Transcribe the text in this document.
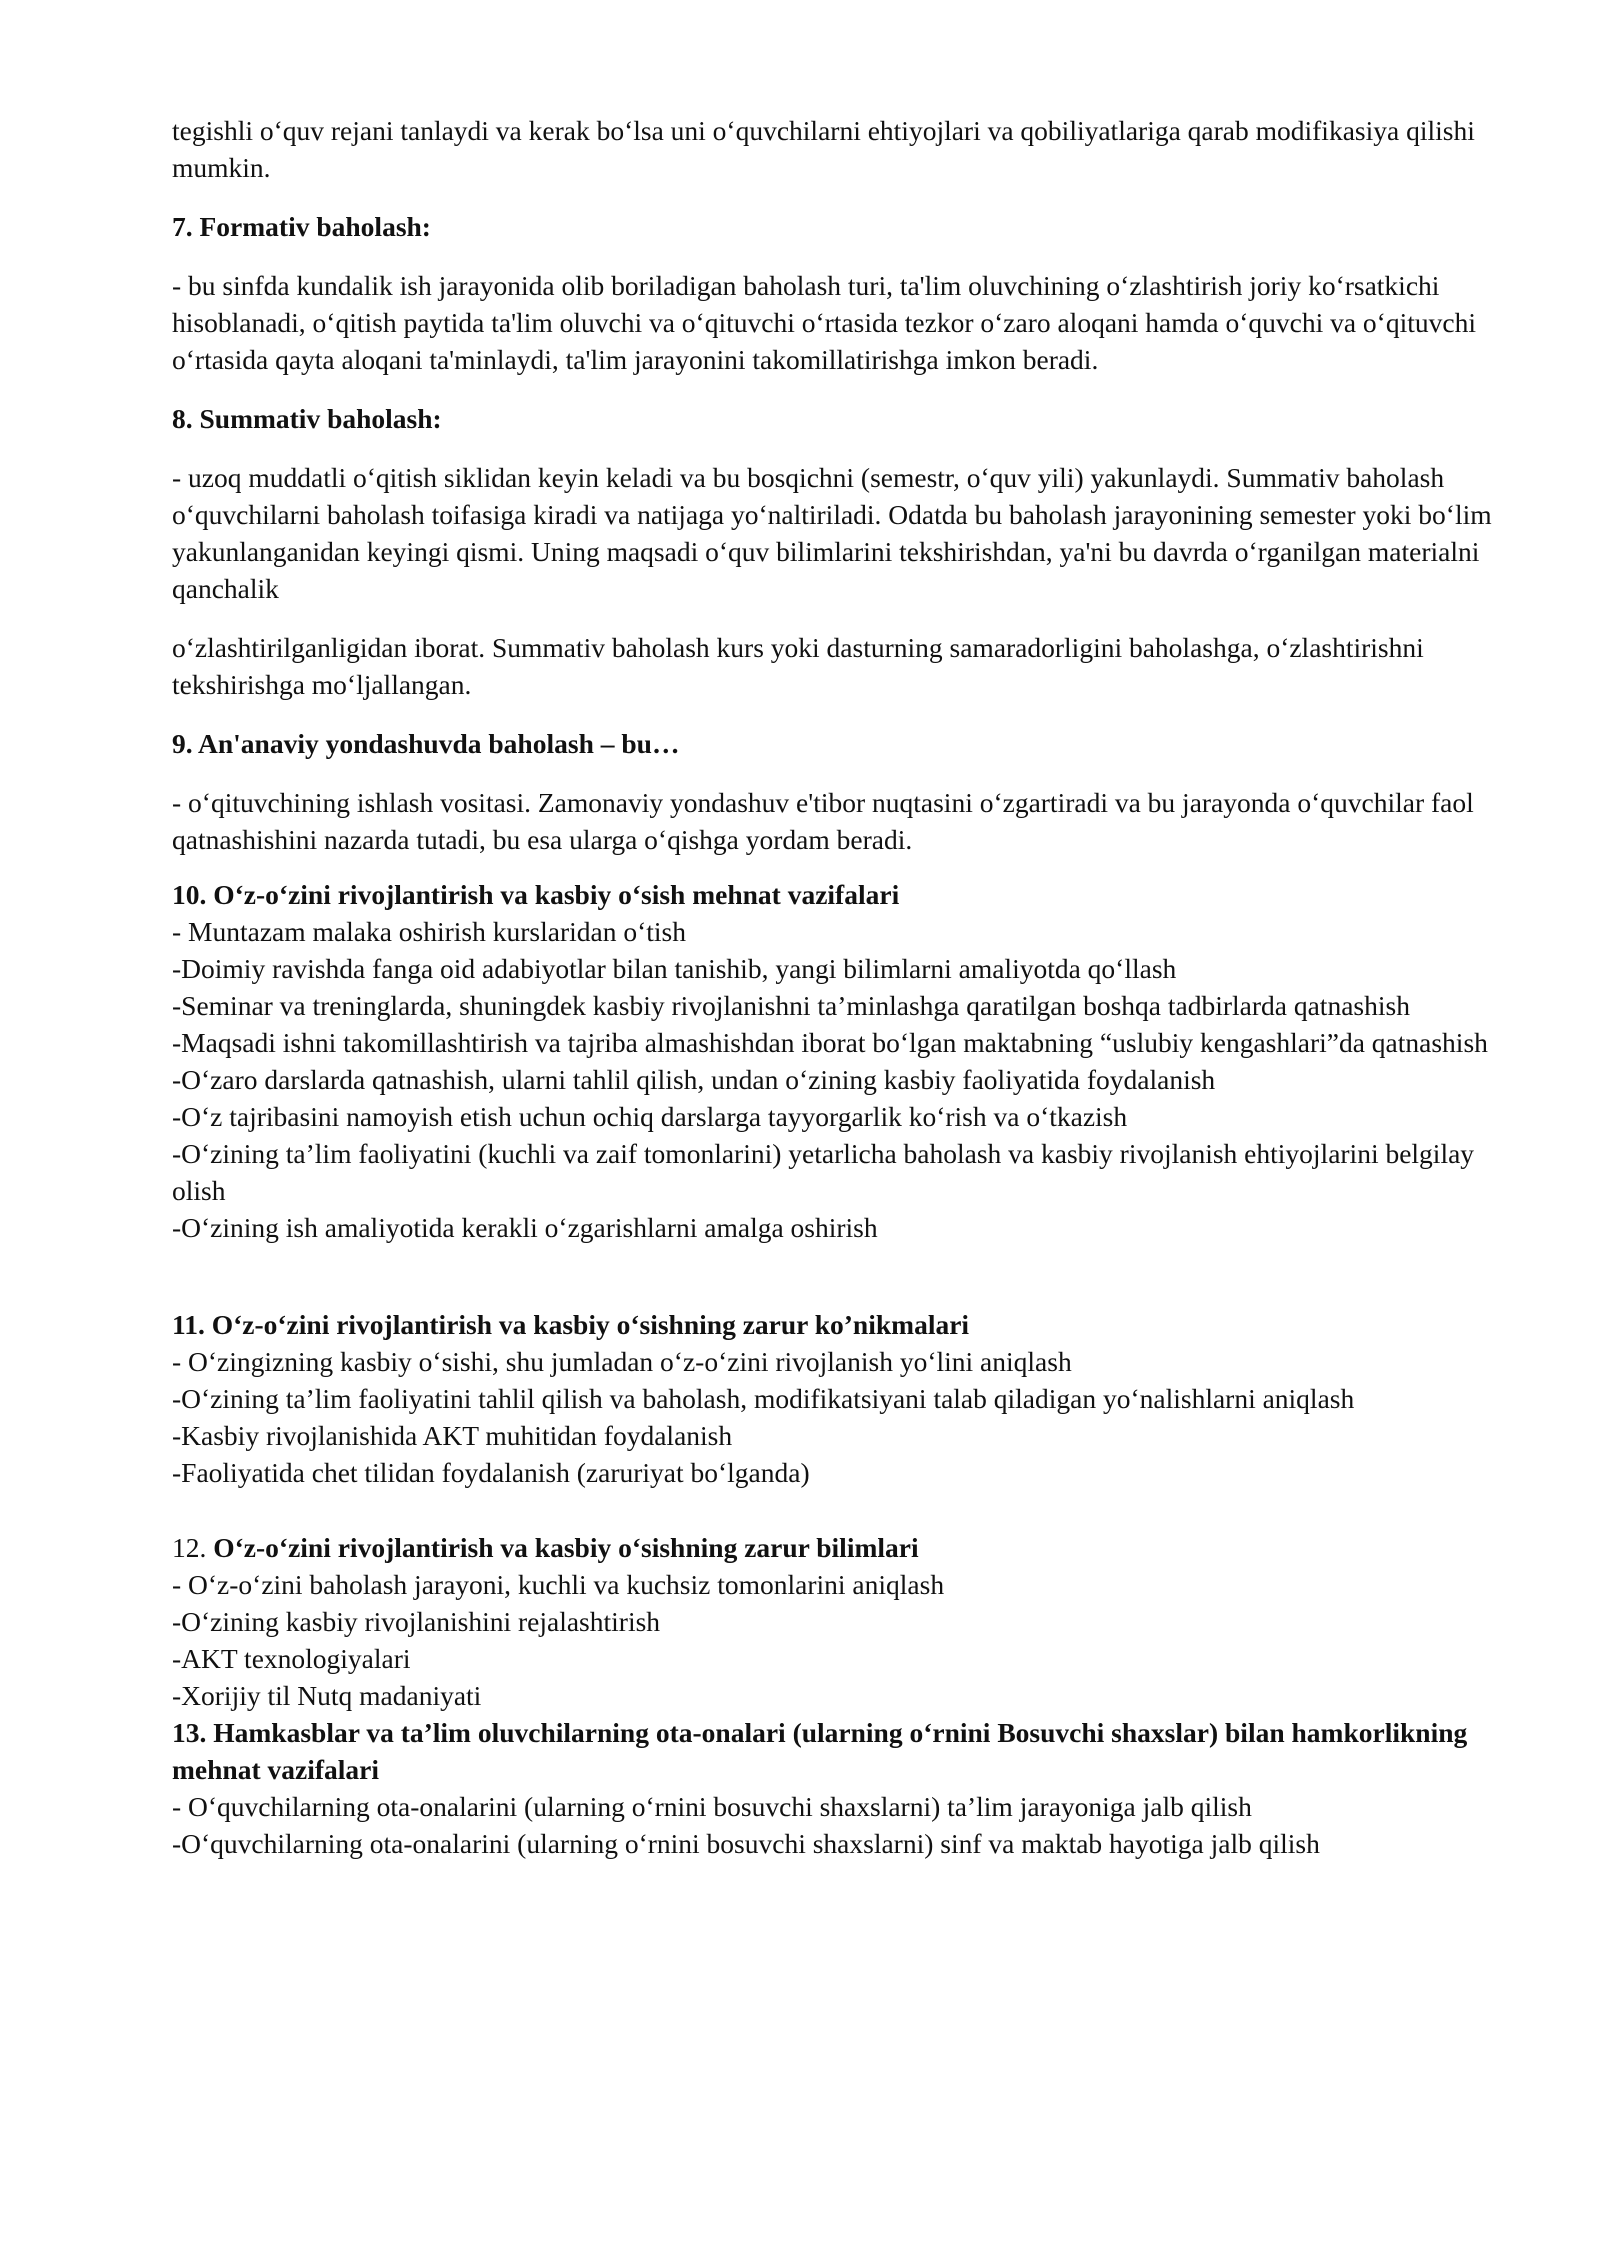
tegishli o‘quv rejani tanlaydi va kerak bo‘lsa uni o‘quvchilarni ehtiyojlari va qobiliyatlariga qarab modifikasiya qilishi mumkin.

7. Formativ baholash:

- bu sinfda kundalik ish jarayonida olib boriladigan baholash turi, ta'lim oluvchining o‘zlashtirish joriy ko‘rsatkichi hisoblanadi, o‘qitish paytida ta'lim oluvchi va o‘qituvchi o‘rtasida tezkor o‘zaro aloqani hamda o‘quvchi va o‘qituvchi o‘rtasida qayta aloqani ta'minlaydi, ta'lim jarayonini takomillatirishga imkon beradi.

8. Summativ baholash:

- uzoq muddatli o‘qitish siklidan keyin keladi va bu bosqichni (semestr, o‘quv yili) yakunlaydi. Summativ baholash o‘quvchilarni baholash toifasiga kiradi va natijaga yo‘naltiriladi. Odatda bu baholash jarayonining semester yoki bo‘lim yakunlanganidan keyingi qismi. Uning maqsadi o‘quv bilimlarini tekshirishdan, ya'ni bu davrda o‘rganilgan materialni qanchalik

o‘zlashtirilganligidan iborat. Summativ baholash kurs yoki dasturning samaradorligini baholashga, o‘zlashtirishni tekshirishga mo‘ljallangan.

9. An'anaviy yondashuvda baholash – bu…

- o‘qituvchining ishlash vositasi. Zamonaviy yondashuv e'tibor nuqtasini o‘zgartiradi va bu jarayonda o‘quvchilar faol qatnashishini nazarda tutadi, bu esa ularga o‘qishga yordam beradi.

10. O‘z-o‘zini rivojlantirish va kasbiy o‘sish mehnat vazifalari
- Muntazam malaka oshirish kurslaridan o‘tish
-Doimiy ravishda fanga oid adabiyotlar bilan tanishib, yangi bilimlarni amaliyotda qo‘llash
-Seminar va treninglarda, shuningdek kasbiy rivojlanishni ta’minlashga qaratilgan boshqa tadbirlarda qatnashish
-Maqsadi ishni takomillashtirish va tajriba almashishdan iborat bo‘lgan maktabning “uslubiy kengashlari”da qatnashish
-O‘zaro darslarda qatnashish, ularni tahlil qilish, undan o‘zining kasbiy faoliyatida foydalanish
-O‘z tajribasini namoyish etish uchun ochiq darslarga tayyorgarlik ko‘rish va o‘tkazish
-O‘zining ta’lim faoliyatini (kuchli va zaif tomonlarini) yetarlicha baholash va kasbiy rivojlanish ehtiyojlarini belgilay olish
-O‘zining ish amaliyotida kerakli o‘zgarishlarni amalga oshirish
11. O‘z-o‘zini rivojlantirish va kasbiy o‘sishning zarur ko’nikmalari
- O‘zingizning kasbiy o‘sishi, shu jumladan o‘z-o‘zini rivojlanish yo‘lini aniqlash
-O‘zining ta’lim faoliyatini tahlil qilish va baholash, modifikatsiyani talab qiladigan yo‘nalishlarni aniqlash
-Kasbiy rivojlanishida AKT muhitidan foydalanish
-Faoliyatida chet tilidan foydalanish (zaruriyat bo‘lganda)
12. O‘z-o‘zini rivojlantirish va kasbiy o‘sishning zarur bilimlari
- O‘z-o‘zini baholash jarayoni, kuchli va kuchsiz tomonlarini aniqlash
-O‘zining kasbiy rivojlanishini rejalashtirish
-AKT texnologiyalari
-Xorijiy til Nutq madaniyati
13. Hamkasblar va ta’lim oluvchilarning ota-onalari (ularning o‘rnini Bosuvchi shaxslar) bilan hamkorlikning mehnat vazifalari
- O‘quvchilarning ota-onalarini (ularning o‘rnini bosuvchi shaxslarni) ta’lim jarayoniga jalb qilish
-O‘quvchilarning ota-onalarini (ularning o‘rnini bosuvchi shaxslarni) sinf va maktab hayotiga jalb qilish
